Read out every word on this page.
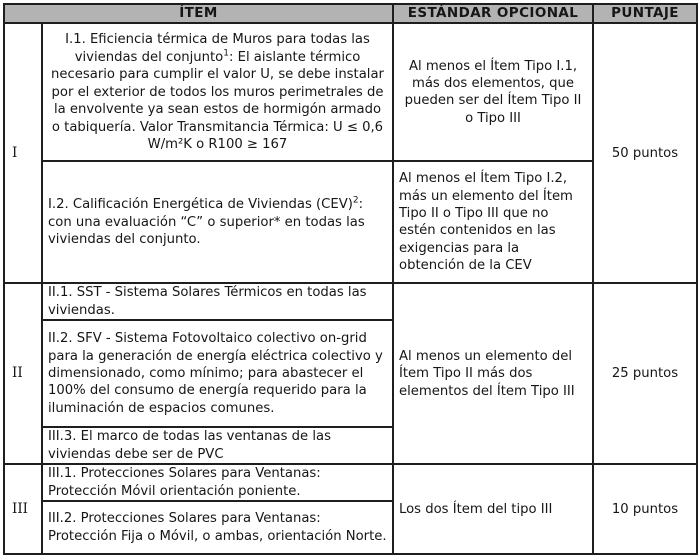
ÍTEM		ESTÁNDAR OPCIONAL	PUNTAJE
I	I.1. Eficiencia térmica de Muros para todas las viviendas del conjunto$^1$: El aislante térmico necesario para cumplir el valor U, se debe instalar por el exterior de todos los muros perimetrales de la envolvente ya sean estos de hormigón armado o tabiquería. Valor Transmitancia Térmica: U ≤ 0,6 W/m²K o R100 ≥ 167	Al menos el Ítem Tipo I.1, más dos elementos, que pueden ser del Ítem Tipo II o Tipo III	50 puntos
	I.2. Calificación Energética de Viviendas (CEV)$^2$: con una evaluación “C” o superior* en todas las viviendas del conjunto.	Al menos el Ítem Tipo I.2, más un elemento del Ítem Tipo II o Tipo III que no estén contenidos en las exigencias para la obtención de la CEV	
II	II.1. SST - Sistema Solares Térmicos en todas las viviendas.	Al menos un elemento del Ítem Tipo II más dos elementos del Ítem Tipo III	25 puntos
	II.2. SFV - Sistema Fotovoltaico colectivo on-grid para la generación de energía eléctrica colectivo y dimensionado, como mínimo; para abastecer el 100% del consumo de energía requerido para la iluminación de espacios comunes.		
	III.3. El marco de todas las ventanas de las viviendas debe ser de PVC		
III	III.1. Protecciones Solares para Ventanas: Protección Móvil orientación poniente.	Los dos Ítem del tipo III	10 puntos
	III.2. Protecciones Solares para Ventanas: Protección Fija o Móvil, o ambas, orientación Norte.		
